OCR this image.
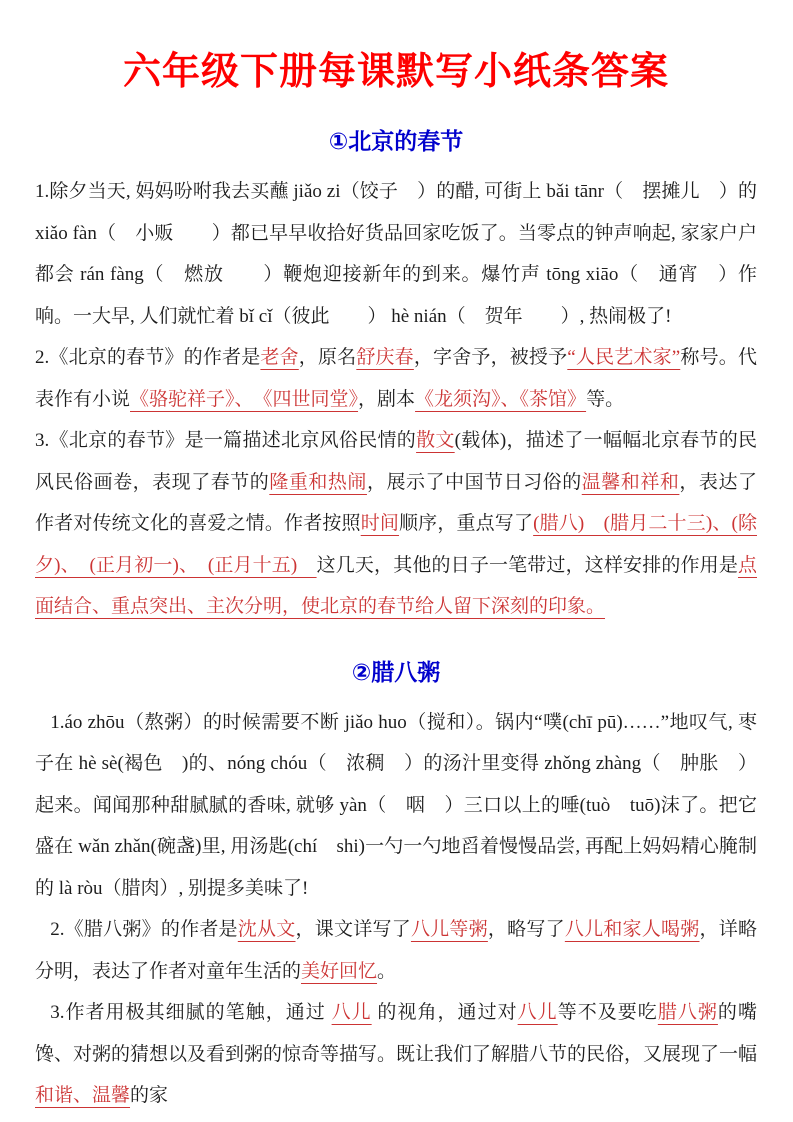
六年级下册每课默写小纸条答案
①北京的春节

1.除夕当天, 妈妈吩咐我去买蘸 jiǎo zi（饺子　）的醋, 可街上 bǎi tānr（　摆摊儿　）的 xiǎo fàn（　小贩　　）都已早早收拾好货品回家吃饭了。当零点的钟声响起, 家家户户都会 rán fàng（　燃放　　）鞭炮迎接新年的到来。爆竹声 tōng xiāo（　通宵　）作响。一大早, 人们就忙着 bǐ cǐ（彼此　　） hè nián（　贺年　　）, 热闹极了!

2.《北京的春节》的作者是老舍，原名舒庆春，字舍予，被授予“人民艺术家”称号。代表作有小说《骆驼祥子》、　《四世同堂》，剧本《龙须沟》、《茶馆》等。

3.《北京的春节》是一篇描述北京风俗民情的散文(载体)，描述了一幅幅北京春节的民风民俗画卷，表现了春节的隆重和热闹，展示了中国节日习俗的温馨和祥和，表达了作者对传统文化的喜爱之情。作者按照时间顺序，重点写了(腊八)　(腊月二十三)、(除夕)、　(正月初一)、　(正月十五)　这几天，其他的日子一笔带过，这样安排的作用是点面结合、重点突出、主次分明，使北京的春节给人留下深刻的印象。

②腊八粥

1.áo zhōu（熬粥）的时候需要不断 jiǎo huo（搅和）。锅内“噗(chī pū)……”地叹气, 枣子在 hè sè(褐色　)的、nóng chóu（　浓稠　）的汤汁里变得 zhǒng zhàng（　肿胀　）起来。闻闻那种甜腻腻的香味, 就够 yàn（　咽　）三口以上的唾(tuò　tuō)沫了。把它盛在 wǎn zhǎn(碗盏)里, 用汤匙(chí　shi)一勺一勺地舀着慢慢品尝, 再配上妈妈精心腌制的 là ròu（腊肉）, 别提多美味了!

2.《腊八粥》的作者是沈从文，课文详写了八儿等粥，略写了八儿和家人喝粥，详略分明，表达了作者对童年生活的美好回忆。

3.作者用极其细腻的笔触，通过 八儿 的视角，通过对八儿等不及要吃腊八粥的嘴馋、对粥的猜想以及看到粥的惊奇等描写。既让我们了解腊八节的民俗，又展现了一幅和谐、温馨的家
